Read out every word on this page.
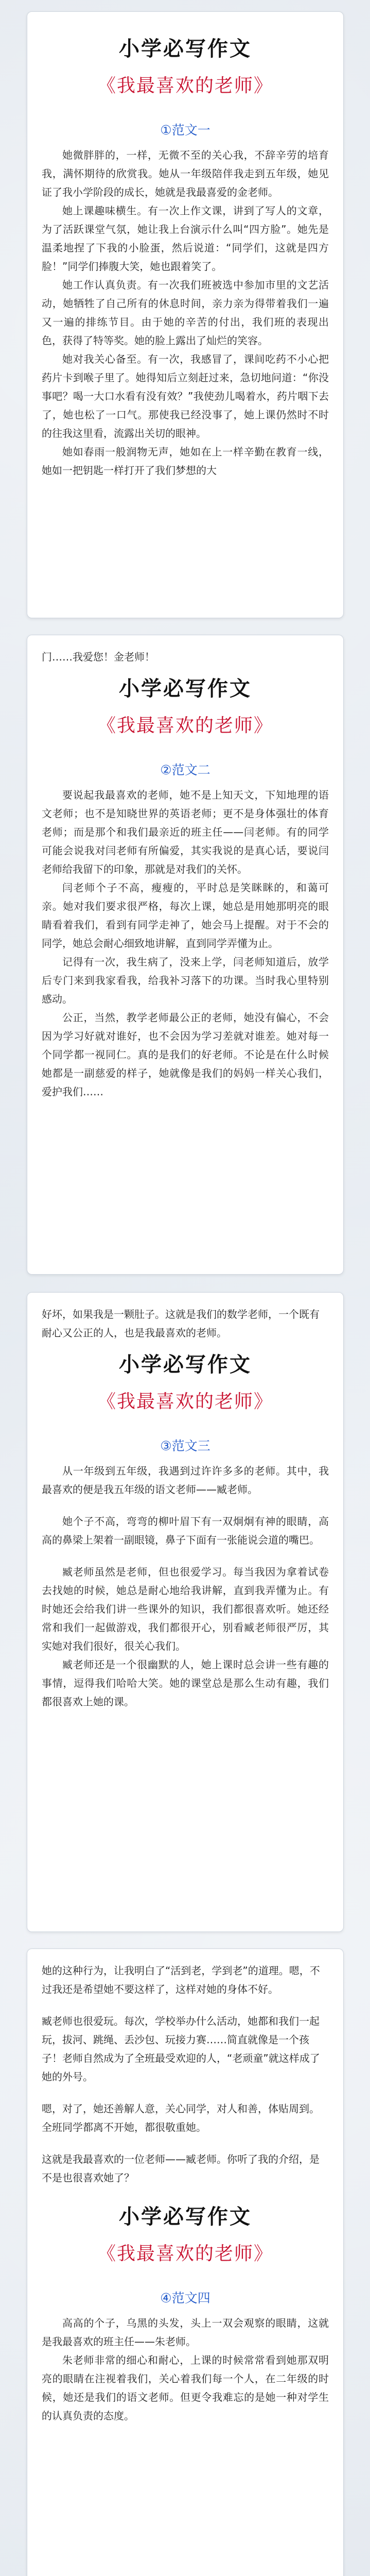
小学必写作文
《我最喜欢的老师》
①范文一

她微胖胖的，一样，无微不至的关心我，不辞辛劳的培育我，满怀期待的欣赏我。她从一年级陪伴我走到五年级，她见证了我小学阶段的成长，她就是我最喜爱的金老师。

她上课趣味横生。有一次上作文课，讲到了写人的文章，为了活跃课堂气氛，她让我上台演示什么叫“四方脸”。她先是温柔地捏了下我的小脸蛋，然后说道：“同学们，这就是四方脸！”同学们捧腹大笑，她也跟着笑了。

她工作认真负责。有一次我们班被选中参加市里的文艺活动，她牺牲了自己所有的休息时间，亲力亲为得带着我们一遍又一遍的排练节目。由于她的辛苦的付出，我们班的表现出色，获得了特等奖。她的脸上露出了灿烂的笑容。

她对我关心备至。有一次，我感冒了，课间吃药不小心把药片卡到喉子里了。她得知后立刻赶过来，急切地问道：“你没事吧？喝一大口水看有没有效？”我使劲儿喝着水，药片咽下去了，她也松了一口气。那使我已经没事了，她上课仍然时不时的往我这里看，流露出关切的眼神。

她如春雨一般润物无声，她如在上一样辛勤在教育一线，她如一把钥匙一样打开了我们梦想的大

门……我爱您！金老师！

小学必写作文
《我最喜欢的老师》
②范文二

要说起我最喜欢的老师，她不是上知天文，下知地理的语文老师；也不是知晓世界的英语老师；更不是身体强壮的体育老师；而是那个和我们最亲近的班主任——闫老师。有的同学可能会说我对闫老师有所偏爱，其实我说的是真心话，要说闫老师给我留下的印象，那就是对我们的关怀。

闫老师个子不高，瘦瘦的，平时总是笑眯眯的，和蔼可亲。她对我们要求很严格，每次上课，她总是用她那明亮的眼睛看着我们，看到有同学走神了，她会马上提醒。对于不会的同学，她总会耐心细致地讲解，直到同学弄懂为止。

记得有一次，我生病了，没来上学，闫老师知道后，放学后专门来到我家看我，给我补习落下的功课。当时我心里特别感动。

公正，当然，教学老师最公正的老师，她没有偏心，不会因为学习好就对谁好，也不会因为学习差就对谁差。她对每一个同学都一视同仁。真的是我们的好老师。不论是在什么时候她都是一副慈爱的样子，她就像是我们的妈妈一样关心我们，爱护我们……

好坏，如果我是一颗肚子。这就是我们的数学老师，一个既有耐心又公正的人，也是我最喜欢的老师。

小学必写作文
《我最喜欢的老师》
③范文三

从一年级到五年级，我遇到过许许多多的老师。其中，我最喜欢的便是我五年级的语文老师——臧老师。

她个子不高，弯弯的柳叶眉下有一双炯炯有神的眼睛，高高的鼻梁上架着一副眼镜，鼻子下面有一张能说会道的嘴巴。

臧老师虽然是老师，但也很爱学习。每当我因为拿着试卷去找她的时候，她总是耐心地给我讲解，直到我弄懂为止。有时她还会给我们讲一些课外的知识，我们都很喜欢听。她还经常和我们一起做游戏，我们都很开心，别看臧老师很严厉，其实她对我们很好，很关心我们。

臧老师还是一个很幽默的人，她上课时总会讲一些有趣的事情，逗得我们哈哈大笑。她的课堂总是那么生动有趣，我们都很喜欢上她的课。

她的这种行为，让我明白了“活到老，学到老”的道理。嗯，不过我还是希望她不要这样了，这样对她的身体不好。

臧老师也很爱玩。每次，学校举办什么活动，她都和我们一起玩，拔河、跳绳、丢沙包、玩接力赛……简直就像是一个孩子！老师自然成为了全班最受欢迎的人，“老顽童”就这样成了她的外号。

嗯，对了，她还善解人意，关心同学，对人和善，体贴周到。全班同学都离不开她，都很敬重她。

这就是我最喜欢的一位老师——臧老师。你听了我的介绍，是不是也很喜欢她了？

小学必写作文
《我最喜欢的老师》
④范文四

高高的个子，乌黑的头发，头上一双会观察的眼睛，这就是我最喜欢的班主任——朱老师。

朱老师非常的细心和耐心，上课的时候常常看到她那双明亮的眼睛在注视着我们，关心着我们每一个人，在二年级的时候，她还是我们的语文老师。但更令我难忘的是她一种对学生的认真负责的态度。
